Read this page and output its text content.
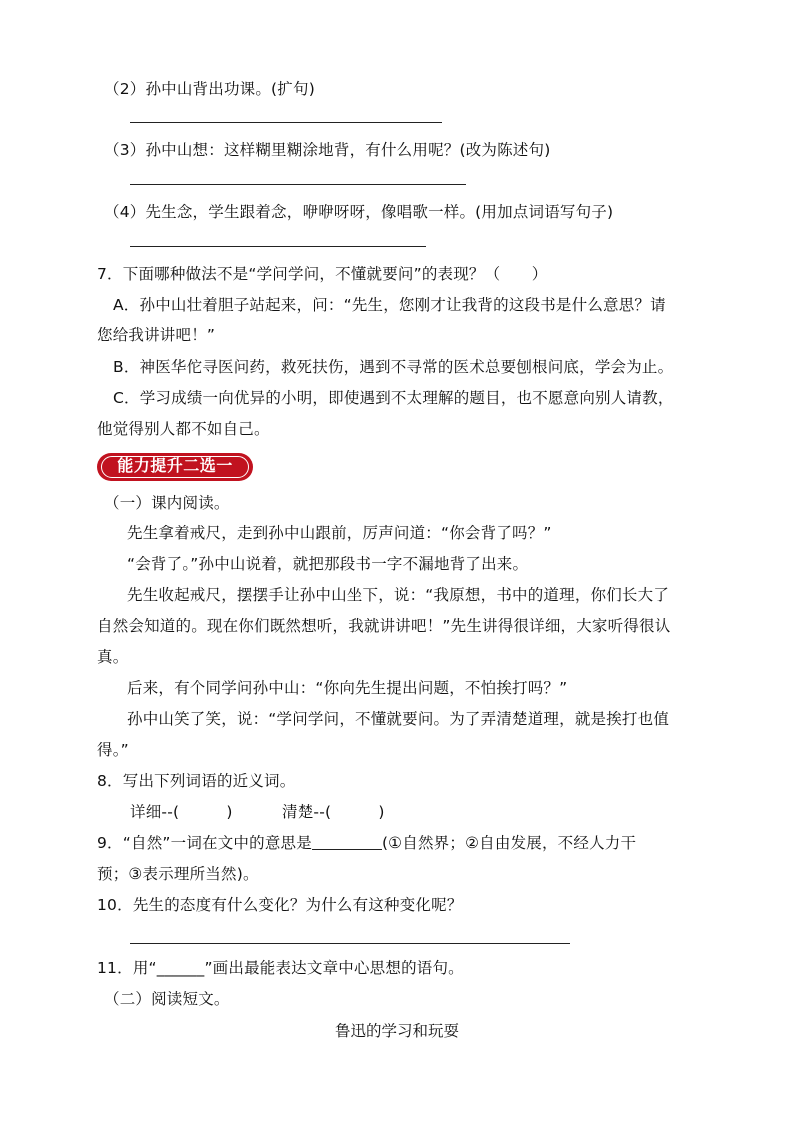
（2）孙中山背出功课。(扩句)
（3）孙中山想：这样糊里糊涂地背，有什么用呢？(改为陈述句)
（4）先生念，学生跟着念，咿咿呀呀，像唱歌一样。(用加点词语写句子)
7．下面哪种做法不是“学问学问，不懂就要问”的表现？（　　）
A．孙中山壮着胆子站起来，问：“先生，您刚才让我背的这段书是什么意思？请
您给我讲讲吧！”
B．神医华佗寻医问药，救死扶伤，遇到不寻常的医术总要刨根问底，学会为止。
C．学习成绩一向优异的小明，即使遇到不太理解的题目，也不愿意向别人请教，
他觉得别人都不如自己。
能力提升二选一
（一）课内阅读。
先生拿着戒尺，走到孙中山跟前，厉声问道：“你会背了吗？”
“会背了。”孙中山说着，就把那段书一字不漏地背了出来。
先生收起戒尺，摆摆手让孙中山坐下，说：“我原想，书中的道理，你们长大了
自然会知道的。现在你们既然想听，我就讲讲吧！”先生讲得很详细，大家听得很认
真。
后来，有个同学问孙中山：“你向先生提出问题，不怕挨打吗？”
孙中山笑了笑，说：“学问学问，不懂就要问。为了弄清楚道理，就是挨打也值
得。”
8．写出下列词语的近义词。
详细--(　　　)	清楚--(　　　)
9．“自然”一词在文中的意思是	(①自然界；②自由发展，不经人力干
预；③表示理所当然)。
10．先生的态度有什么变化？为什么有这种变化呢？
11．用“______”画出最能表达文章中心思想的语句。
（二）阅读短文。
鲁迅的学习和玩耍
